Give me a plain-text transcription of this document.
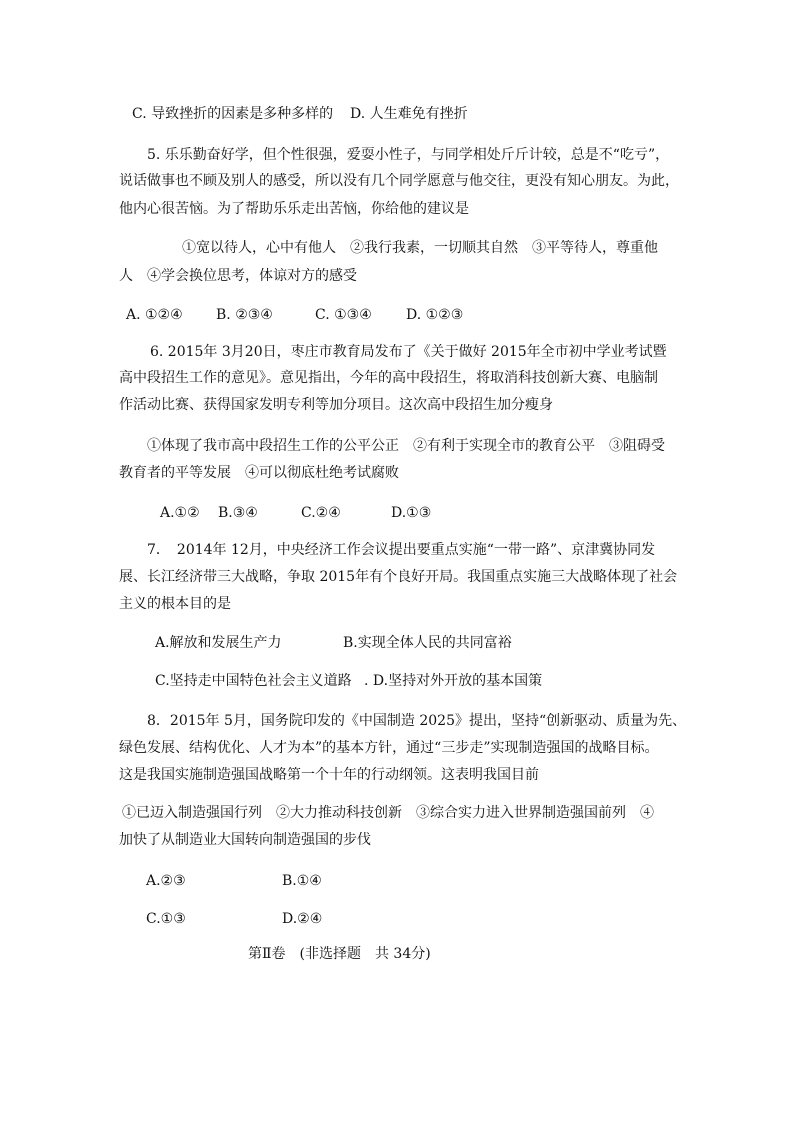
C. 导致挫折的因素是多种多样的 D. 人生难免有挫折
5. 乐乐勤奋好学，但个性很强，爱耍小性子，与同学相处斤斤计较，总是不“吃亏”，
说话做事也不顾及别人的感受，所以没有几个同学愿意与他交往，更没有知心朋友。为此，
他内心很苦恼。为了帮助乐乐走出苦恼，你给他的建议是
①宽以待人，心中有他人　②我行我素，一切顺其自然　③平等待人，尊重他
人　④学会换位思考，体谅对方的感受
A. ①②④ B. ②③④	C. ①③④ D. ①②③
6. 2015年 3月20日，枣庄市教育局发布了《关于做好 2015年全市初中学业考试暨
高中段招生工作的意见》。意见指出，今年的高中段招生，将取消科技创新大赛、电脑制
作活动比赛、获得国家发明专利等加分项目。这次高中段招生加分瘦身
①体现了我市高中段招生工作的公平公正　②有利于实现全市的教育公平　③阻碍受
教育者的平等发展　④可以彻底杜绝考试腐败
A.①② B.③④	C.②④	D.①③
7．　2014年 12月，中央经济工作会议提出要重点实施“一带一路”、京津冀协同发
展、长江经济带三大战略，争取 2015年有个良好开局。我国重点实施三大战略体现了社会
主义的根本目的是
A.解放和发展生产力	B.实现全体人民的共同富裕
C.坚持走中国特色社会主义道路 . D.坚持对外开放的基本国策
8．2015年 5月，国务院印发的《中国制造 2025》提出，坚持“创新驱动、质量为先、
绿色发展、结构优化、人才为本”的基本方针，通过“三步走”实现制造强国的战略目标。
这是我国实施制造强国战略第一个十年的行动纲领。这表明我国目前
①已迈入制造强国行列　②大力推动科技创新　③综合实力进入世界制造强国前列　④
加快了从制造业大国转向制造强国的步伐
A.②③	B.①④
C.①③	D.②④
第Ⅱ卷　(非选择题　共 34分)
